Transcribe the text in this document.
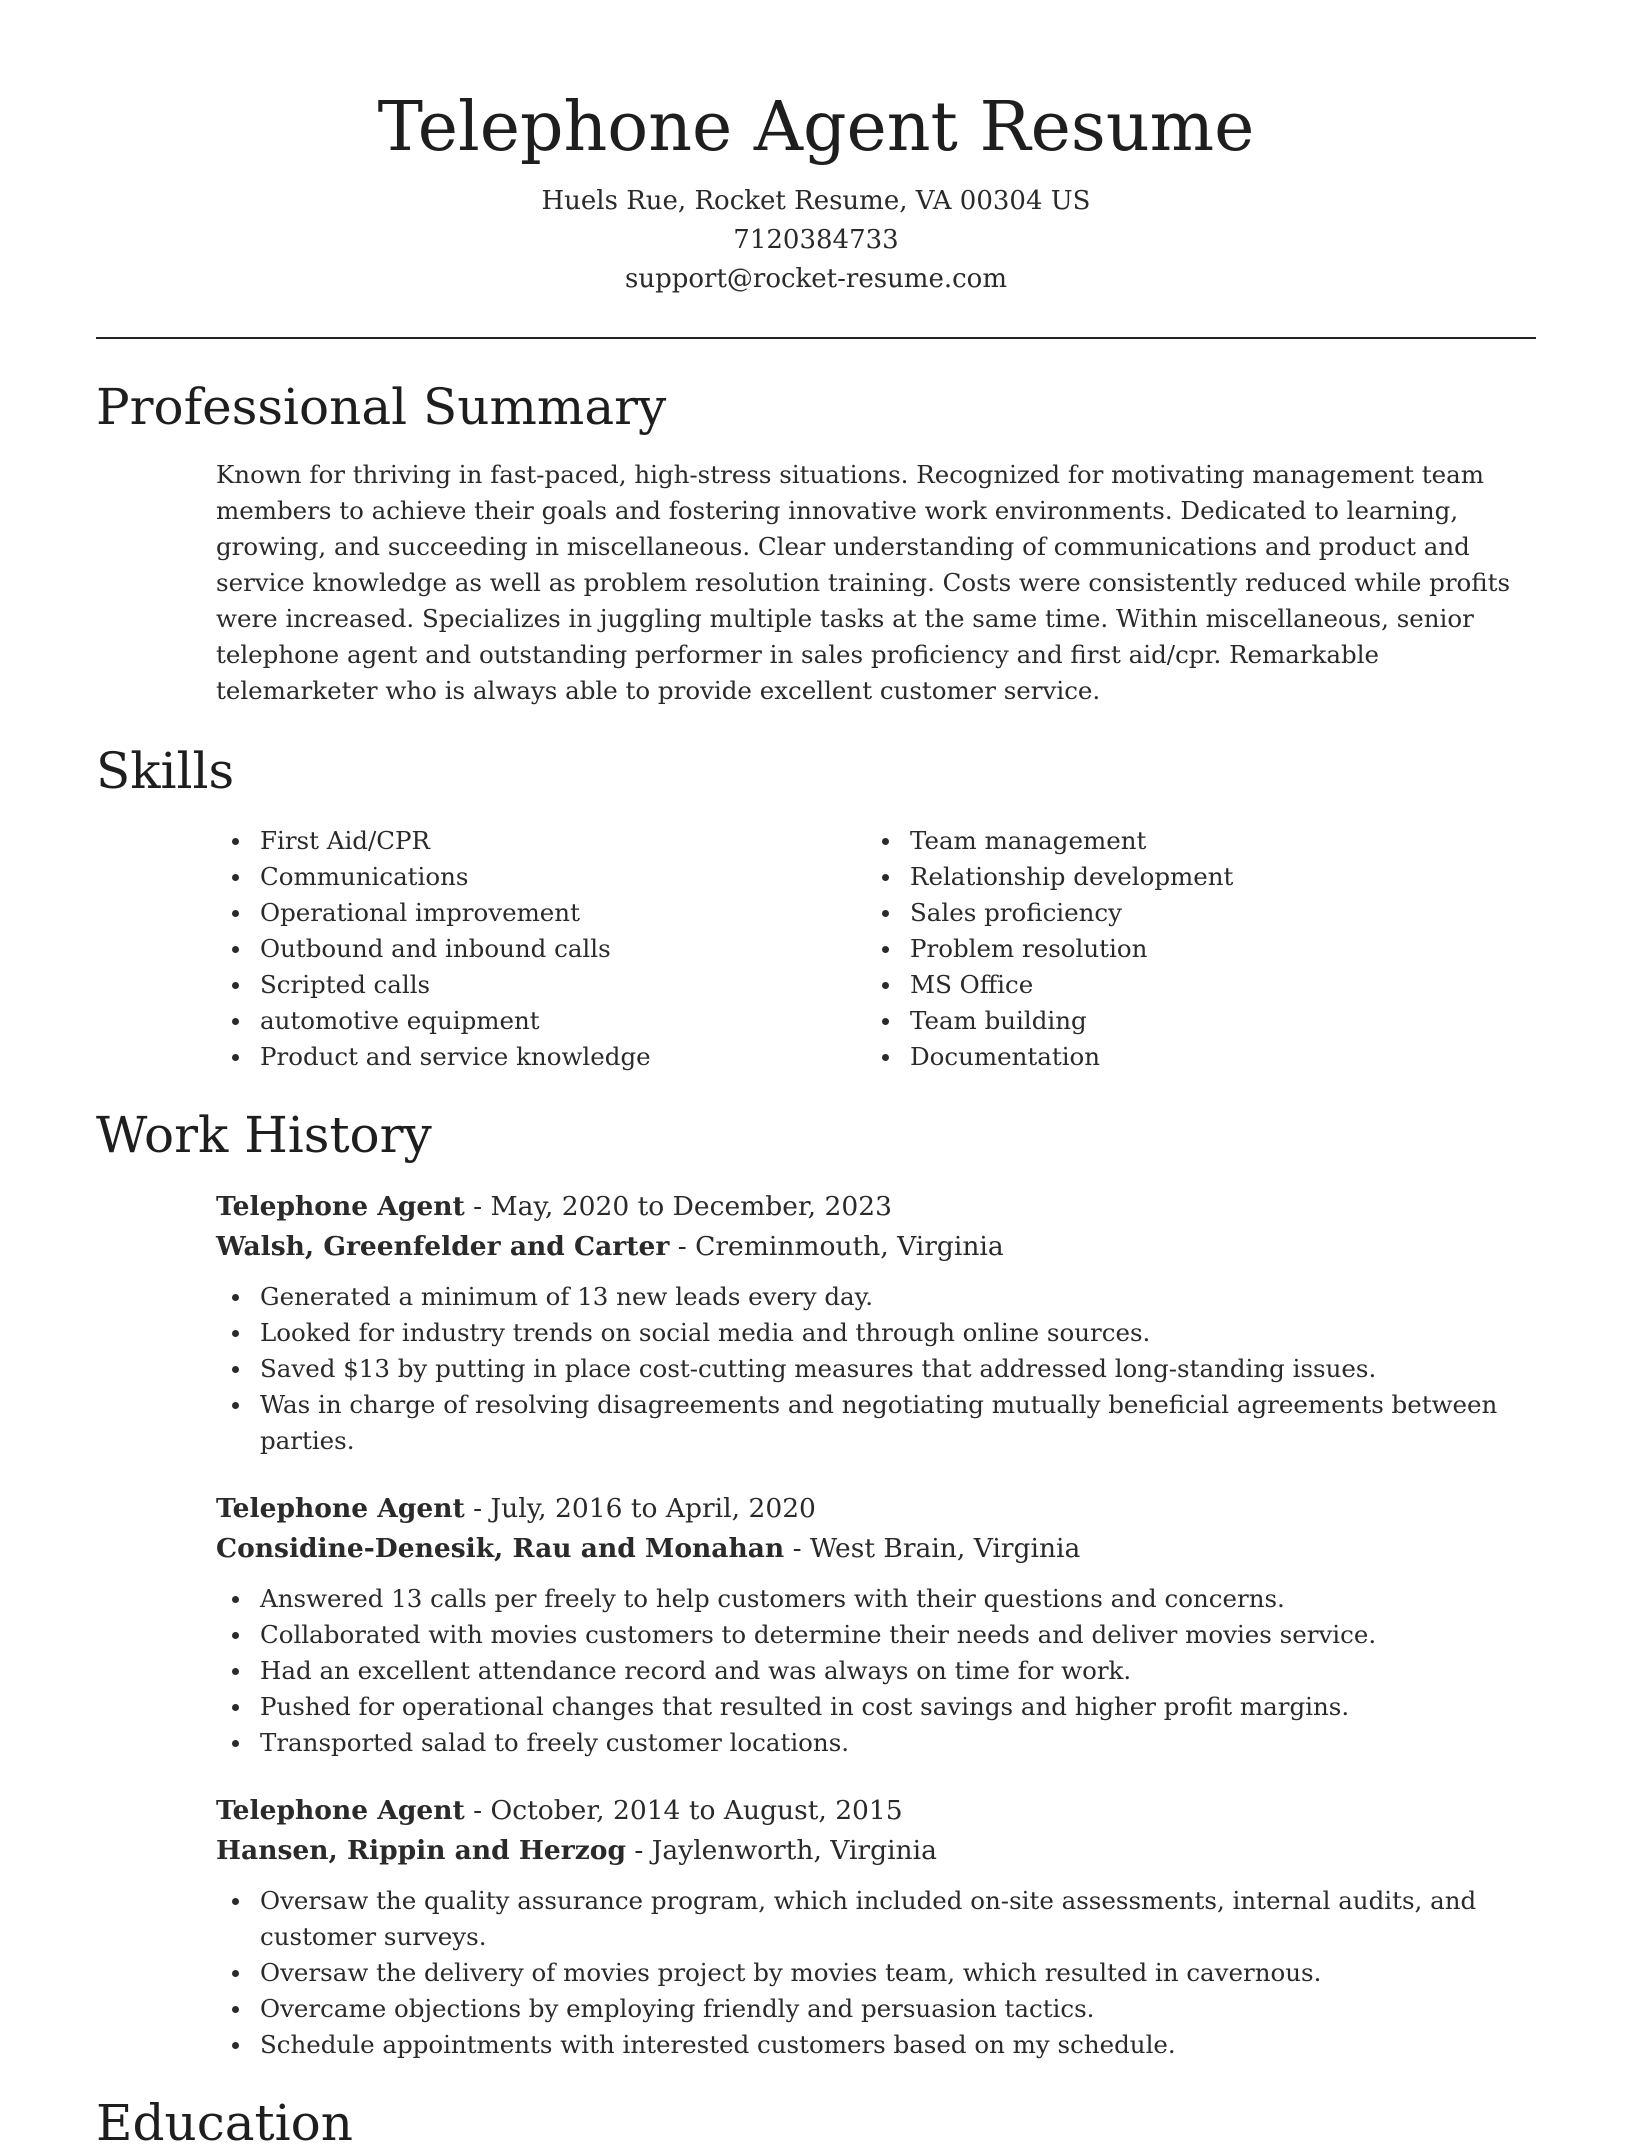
Telephone Agent Resume
Huels Rue, Rocket Resume, VA 00304 US
7120384733
support@rocket-resume.com
Professional Summary

Known for thriving in fast-paced, high-stress situations. Recognized for motivating management team members to achieve their goals and fostering innovative work environments. Dedicated to learning, growing, and succeeding in miscellaneous. Clear understanding of communications and product and service knowledge as well as problem resolution training. Costs were consistently reduced while profits were increased. Specializes in juggling multiple tasks at the same time. Within miscellaneous, senior telephone agent and outstanding performer in sales proficiency and first aid/cpr. Remarkable telemarketer who is always able to provide excellent customer service.

Skills
First Aid/CPR
Communications
Operational improvement
Outbound and inbound calls
Scripted calls
automotive equipment
Product and service knowledge
Team management
Relationship development
Sales proficiency
Problem resolution
MS Office
Team building
Documentation
Work History
Telephone Agent - May, 2020 to December, 2023
Walsh, Greenfelder and Carter - Creminmouth, Virginia
Generated a minimum of 13 new leads every day.
Looked for industry trends on social media and through online sources.
Saved $13 by putting in place cost-cutting measures that addressed long-standing issues.
Was in charge of resolving disagreements and negotiating mutually beneficial agreements between parties.
Telephone Agent - July, 2016 to April, 2020
Considine-Denesik, Rau and Monahan - West Brain, Virginia
Answered 13 calls per freely to help customers with their questions and concerns.
Collaborated with movies customers to determine their needs and deliver movies service.
Had an excellent attendance record and was always on time for work.
Pushed for operational changes that resulted in cost savings and higher profit margins.
Transported salad to freely customer locations.
Telephone Agent - October, 2014 to August, 2015
Hansen, Rippin and Herzog - Jaylenworth, Virginia
Oversaw the quality assurance program, which included on-site assessments, internal audits, and customer surveys.
Oversaw the delivery of movies project by movies team, which resulted in cavernous.
Overcame objections by employing friendly and persuasion tactics.
Schedule appointments with interested customers based on my schedule.
Education
